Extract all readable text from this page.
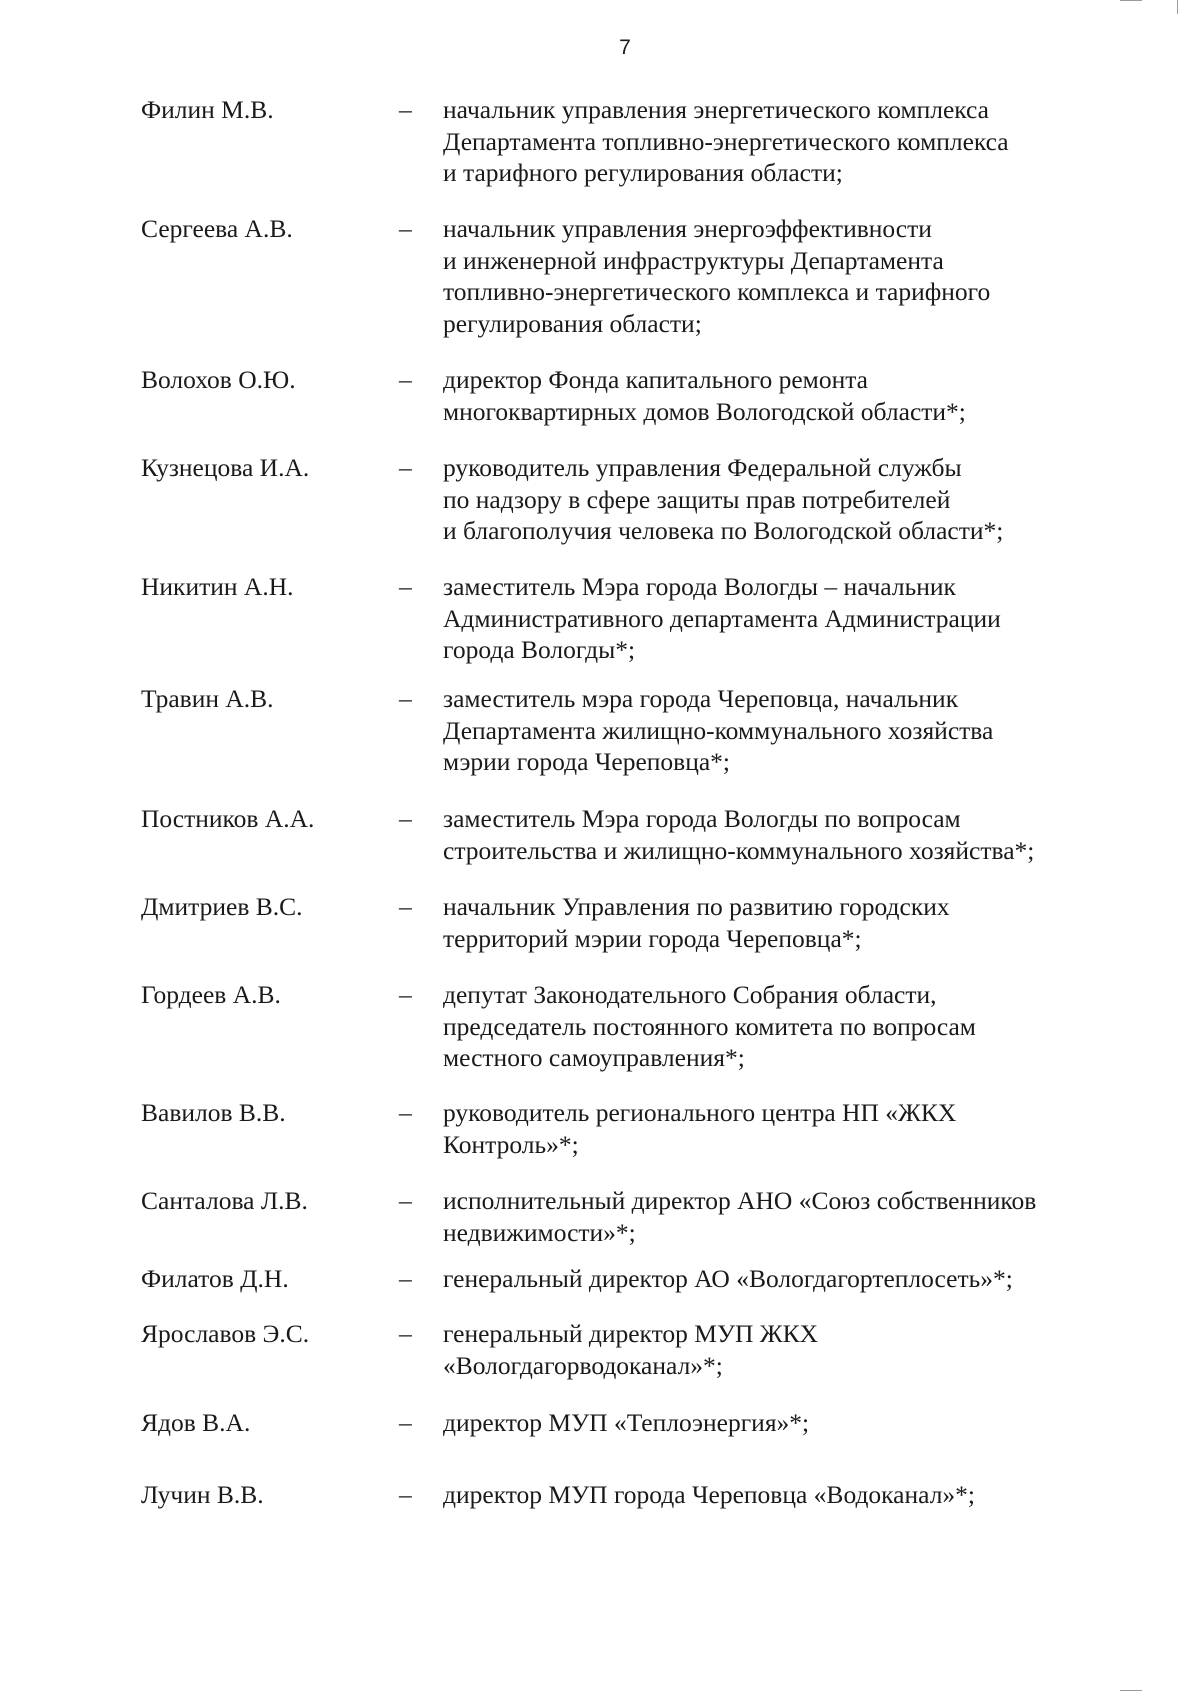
7
Филин М.В.	– начальник управления энергетического комплекса
Департамента топливно-энергетического комплекса
и тарифного регулирования области;
Сергеева А.В.	– начальник управления энергоэффективности
и инженерной инфраструктуры Департамента
топливно-энергетического комплекса и тарифного
регулирования области;
Волохов О.Ю.	– директор Фонда капитального ремонта
многоквартирных домов Вологодской области*;
Кузнецова И.А.	– руководитель управления Федеральной службы
по надзору в сфере защиты прав потребителей
и благополучия человека по Вологодской области*;
Никитин А.Н.	– заместитель Мэра города Вологды – начальник
Административного департамента Администрации
города Вологды*;
Травин А.В.	– заместитель мэра города Череповца, начальник
Департамента жилищно-коммунального хозяйства
мэрии города Череповца*;
Постников А.А.	– заместитель Мэра города Вологды по вопросам
строительства и жилищно-коммунального хозяйства*;
Дмитриев В.С.	– начальник Управления по развитию городских
территорий мэрии города Череповца*;
Гордеев А.В.	– депутат Законодательного Собрания области,
председатель постоянного комитета по вопросам
местного самоуправления*;
Вавилов В.В.	– руководитель регионального центра НП «ЖКХ
Контроль»*;
Санталова Л.В.	– исполнительный директор АНО «Союз собственников
недвижимости»*;
Филатов Д.Н.	– генеральный директор АО «Вологдагортеплосеть»*;
Ярославов Э.С.	– генеральный директор МУП ЖКХ
«Вологдагорводоканал»*;
Ядов В.А.	– директор МУП «Теплоэнергия»*;
Лучин В.В.	– директор МУП города Череповца «Водоканал»*;
